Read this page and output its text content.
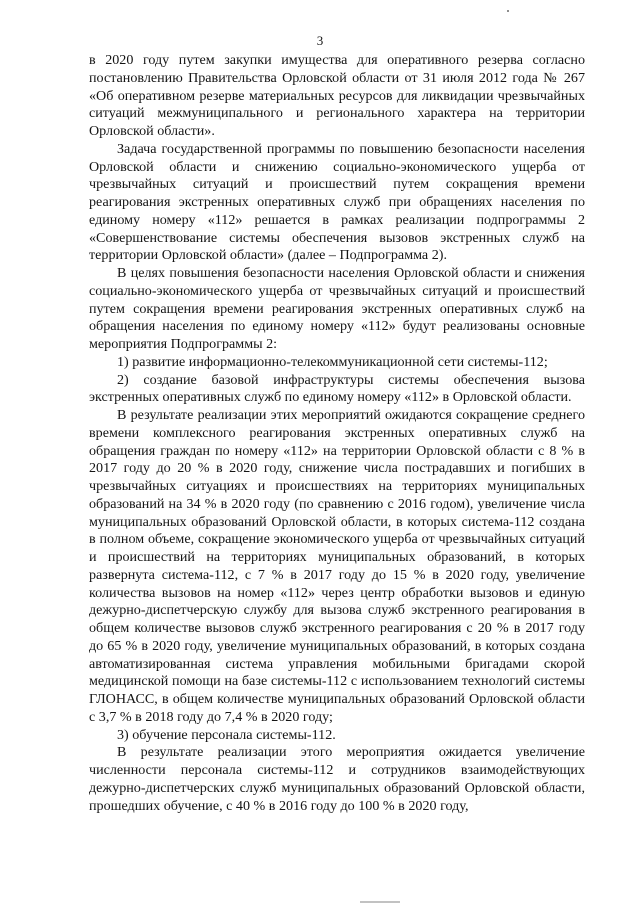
3

в 2020 году путем закупки имущества для оперативного резерва согласно постановлению Правительства Орловской области от 31 июля 2012 года № 267 «Об оперативном резерве материальных ресурсов для ликвидации чрезвычайных ситуаций межмуниципального и регионального характера на территории Орловской области».

Задача государственной программы по повышению безопасности населения Орловской области и снижению социально-экономического ущерба от чрезвычайных ситуаций и происшествий путем сокращения времени реагирования экстренных оперативных служб при обращениях населения по единому номеру «112» решается в рамках реализации подпрограммы 2 «Совершенствование системы обеспечения вызовов экстренных служб на территории Орловской области» (далее – Подпрограмма 2).

В целях повышения безопасности населения Орловской области и снижения социально-экономического ущерба от чрезвычайных ситуаций и происшествий путем сокращения времени реагирования экстренных оперативных служб на обращения населения по единому номеру «112» будут реализованы основные мероприятия Подпрограммы 2:

1) развитие информационно-телекоммуникационной сети системы-112;

2) создание базовой инфраструктуры системы обеспечения вызова экстренных оперативных служб по единому номеру «112» в Орловской области.

В результате реализации этих мероприятий ожидаются сокращение среднего времени комплексного реагирования экстренных оперативных служб на обращения граждан по номеру «112» на территории Орловской области с 8 % в 2017 году до 20 % в 2020 году, снижение числа пострадавших и погибших в чрезвычайных ситуациях и происшествиях на территориях муниципальных образований на 34 % в 2020 году (по сравнению с 2016 годом), увеличение числа муниципальных образований Орловской области, в которых система-112 создана в полном объеме, сокращение экономического ущерба от чрезвычайных ситуаций и происшествий на территориях муниципальных образований, в которых развернута система-112, с 7 % в 2017 году до 15 % в 2020 году, увеличение количества вызовов на номер «112» через центр обработки вызовов и единую дежурно-диспетчерскую службу для вызова служб экстренного реагирования в общем количестве вызовов служб экстренного реагирования с 20 % в 2017 году до 65 % в 2020 году, увеличение муниципальных образований, в которых создана автоматизированная система управления мобильными бригадами скорой медицинской помощи на базе системы-112 с использованием технологий системы ГЛОНАСС, в общем количестве муниципальных образований Орловской области с 3,7 % в 2018 году до 7,4 % в 2020 году;

3) обучение персонала системы-112.

В результате реализации этого мероприятия ожидается увеличение численности персонала системы-112 и сотрудников взаимодействующих дежурно-диспетчерских служб муниципальных образований Орловской области, прошедших обучение, с 40 % в 2016 году до 100 % в 2020 году,
